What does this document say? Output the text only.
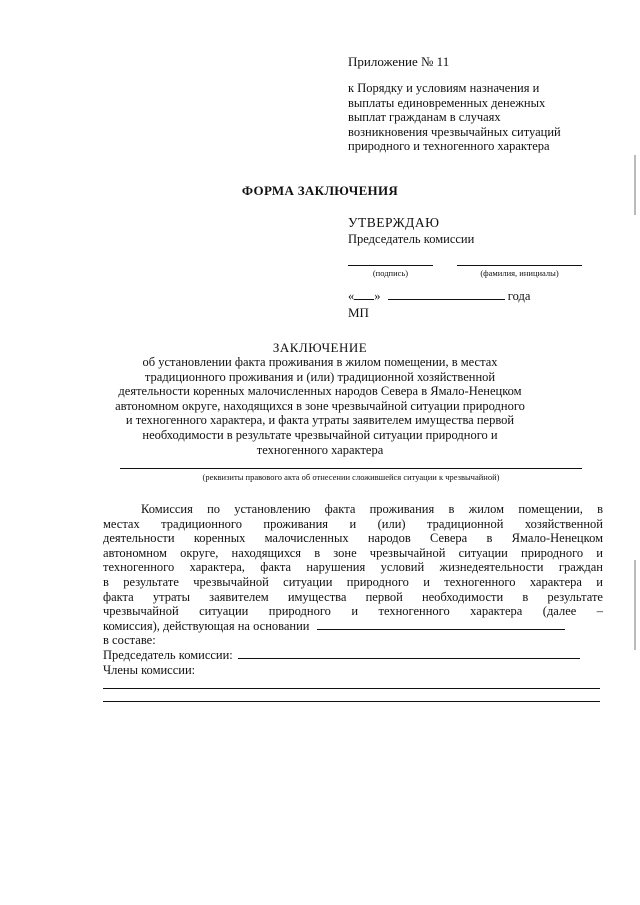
Приложение № 11
к Порядку и условиям назначения и
выплаты единовременных денежных
выплат гражданам в случаях
возникновения чрезвычайных ситуаций
природного и техногенного характера
ФОРМА ЗАКЛЮЧЕНИЯ
УТВЕРЖДАЮ
Председатель комиссии
(подпись)	(фамилия, инициалы)
« »	года
МП
ЗАКЛЮЧЕНИЕ
об установлении факта проживания в жилом помещении, в местах
традиционного проживания и (или) традиционной хозяйственной
деятельности коренных малочисленных народов Севера в Ямало-Ненецком
автономном округе, находящихся в зоне чрезвычайной ситуации природного
и техногенного характера, и факта утраты заявителем имущества первой
необходимости в результате чрезвычайной ситуации природного и
техногенного характера
(реквизиты правового акта об отнесении сложившейся ситуации к чрезвычайной)
Комиссия по установлению факта проживания в жилом помещении, в
местах традиционного проживания и (или) традиционной хозяйственной
деятельности коренных малочисленных народов Севера в Ямало-Ненецком
автономном округе, находящихся в зоне чрезвычайной ситуации природного и
техногенного характера, факта нарушения условий жизнедеятельности граждан
в результате чрезвычайной ситуации природного и техногенного характера и
факта утраты заявителем имущества первой необходимости в результате
чрезвычайной ситуации природного и техногенного характера (далее –
комиссия), действующая на основании
в составе:
Председатель комиссии:
Члены комиссии:
